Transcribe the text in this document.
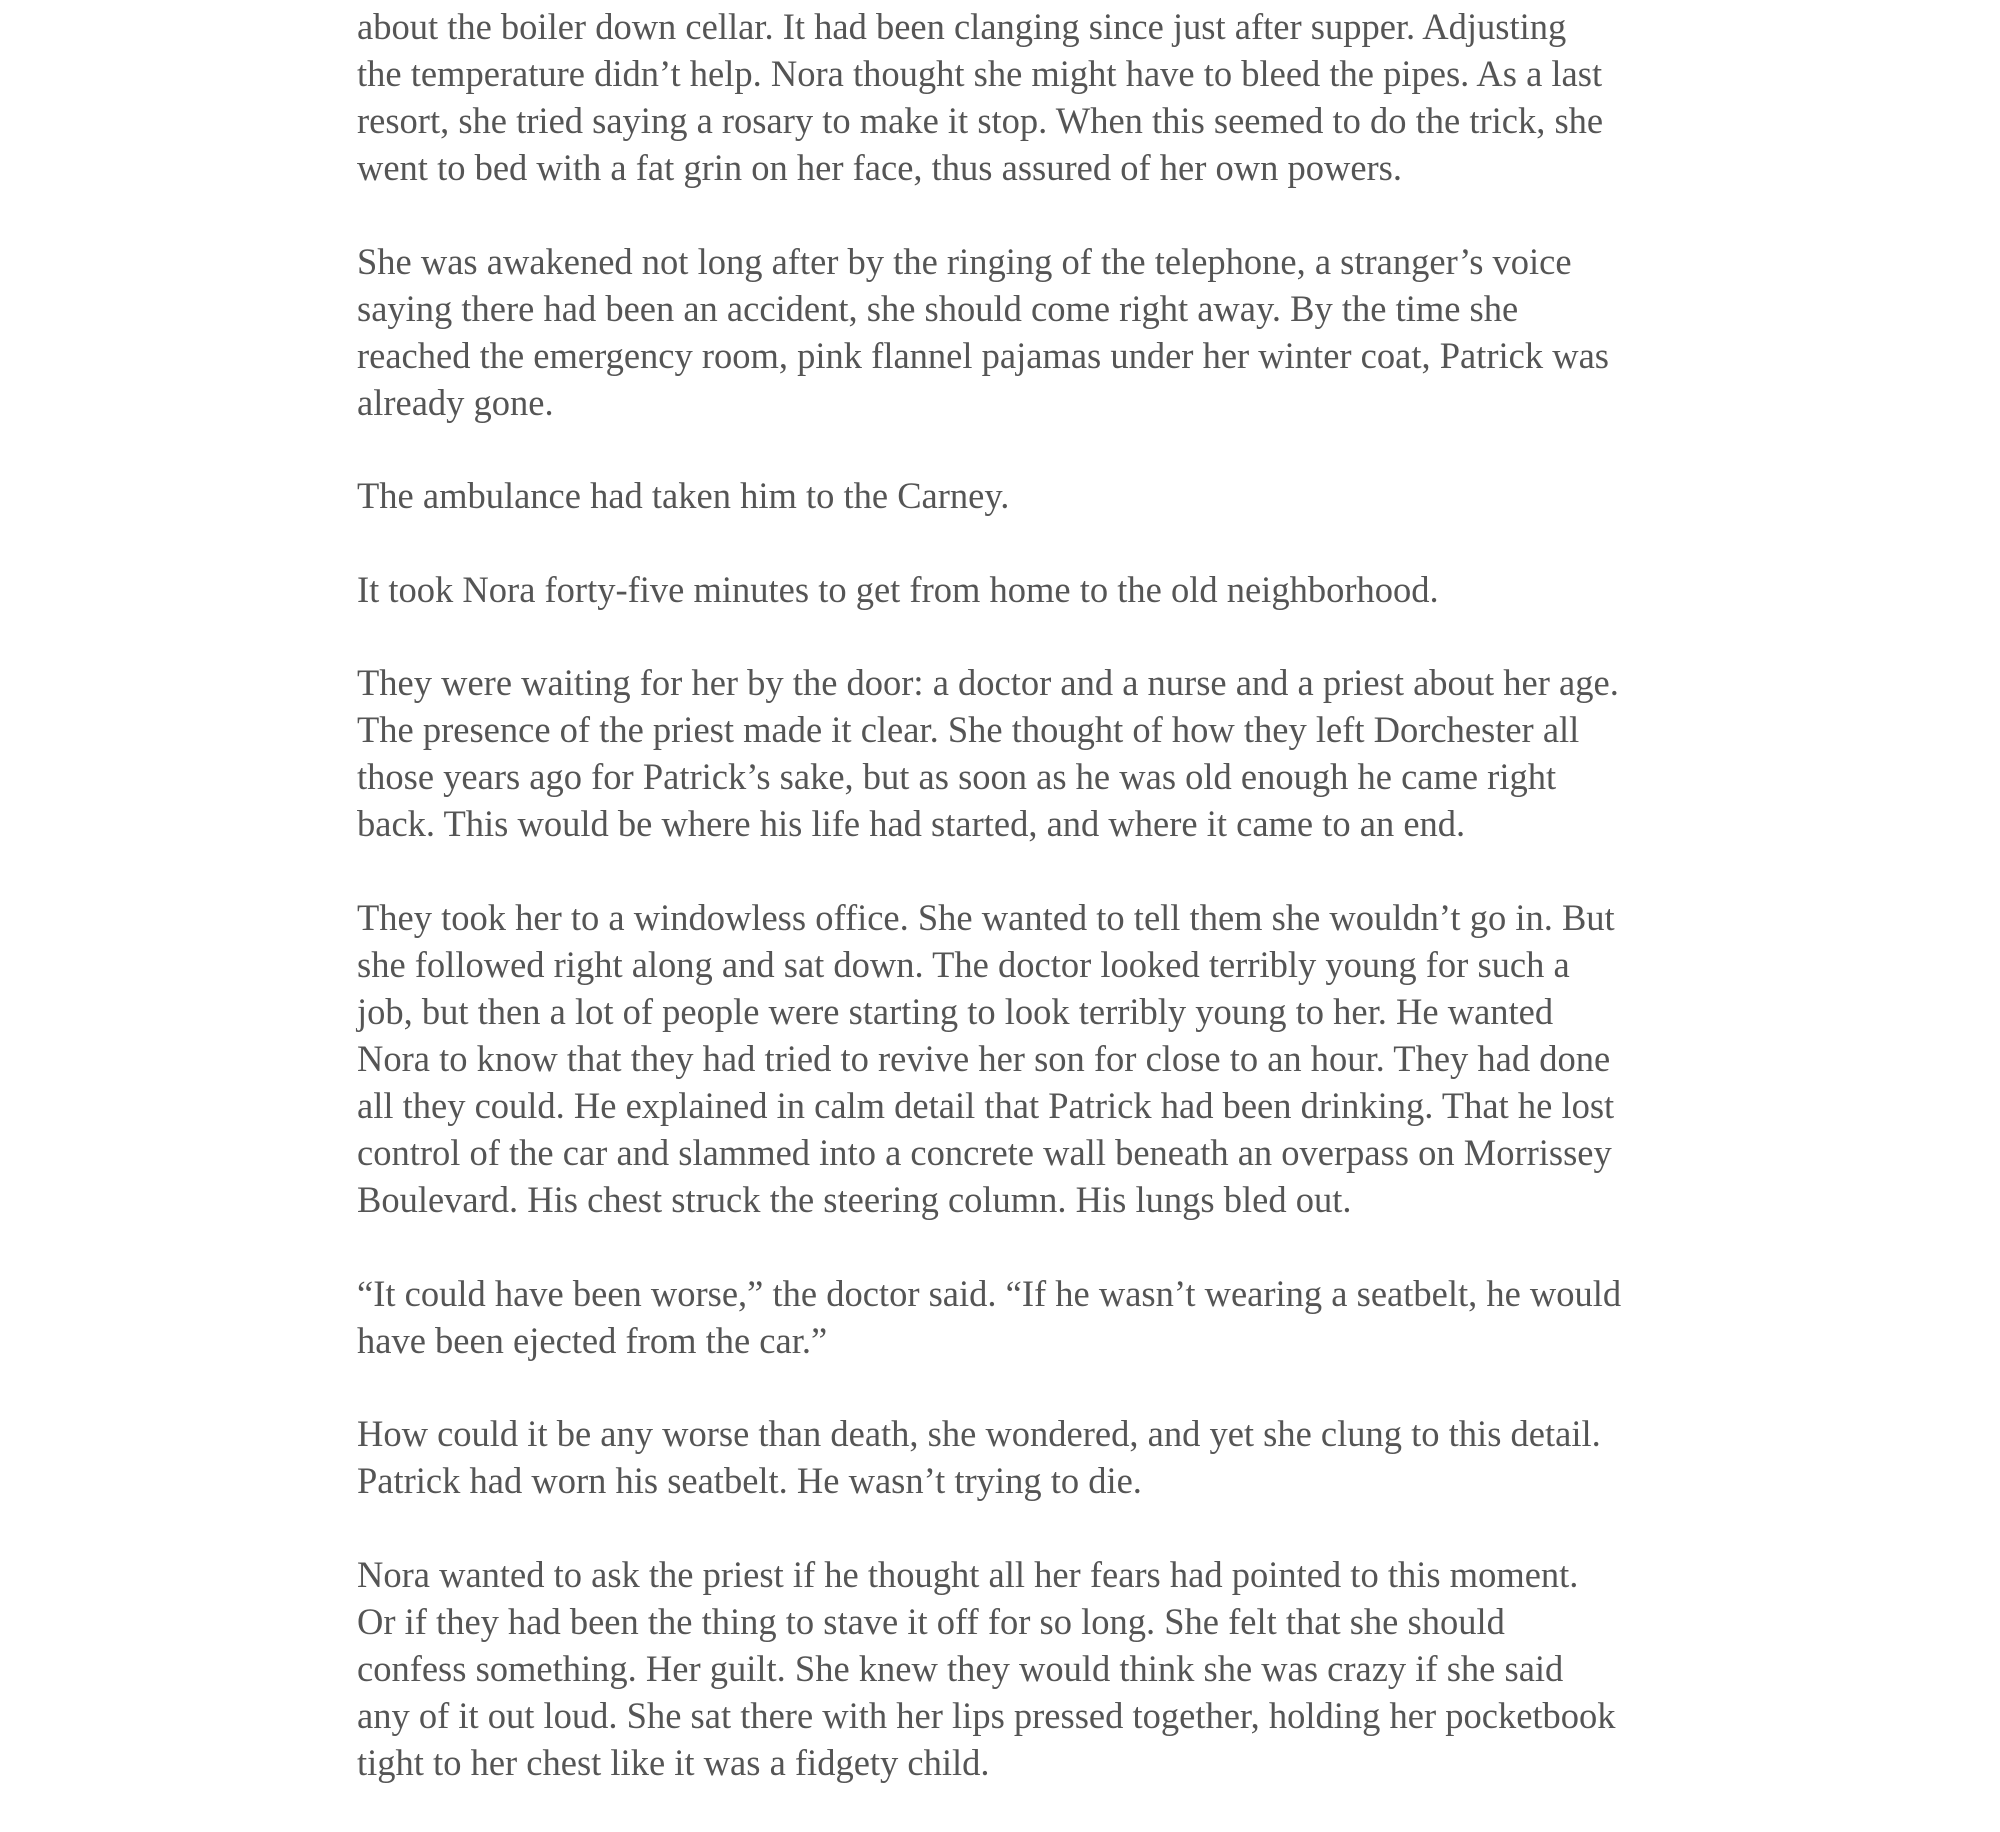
about the boiler down cellar. It had been clanging since just after supper. Adjusting
the temperature didn’t help. Nora thought she might have to bleed the pipes. As a last
resort, she tried saying a rosary to make it stop. When this seemed to do the trick, she
went to bed with a fat grin on her face, thus assured of her own powers.
She was awakened not long after by the ringing of the telephone, a stranger’s voice
saying there had been an accident, she should come right away. By the time she
reached the emergency room, pink flannel pajamas under her winter coat, Patrick was
already gone.
The ambulance had taken him to the Carney.
It took Nora forty-five minutes to get from home to the old neighborhood.
They were waiting for her by the door: a doctor and a nurse and a priest about her age.
The presence of the priest made it clear. She thought of how they left Dorchester all
those years ago for Patrick’s sake, but as soon as he was old enough he came right
back. This would be where his life had started, and where it came to an end.
They took her to a windowless office. She wanted to tell them she wouldn’t go in. But
she followed right along and sat down. The doctor looked terribly young for such a
job, but then a lot of people were starting to look terribly young to her. He wanted
Nora to know that they had tried to revive her son for close to an hour. They had done
all they could. He explained in calm detail that Patrick had been drinking. That he lost
control of the car and slammed into a concrete wall beneath an overpass on Morrissey
Boulevard. His chest struck the steering column. His lungs bled out.
“It could have been worse,” the doctor said. “If he wasn’t wearing a seatbelt, he would
have been ejected from the car.”
How could it be any worse than death, she wondered, and yet she clung to this detail.
Patrick had worn his seatbelt. He wasn’t trying to die.
Nora wanted to ask the priest if he thought all her fears had pointed to this moment.
Or if they had been the thing to stave it off for so long. She felt that she should
confess something. Her guilt. She knew they would think she was crazy if she said
any of it out loud. She sat there with her lips pressed together, holding her pocketbook
tight to her chest like it was a fidgety child.
